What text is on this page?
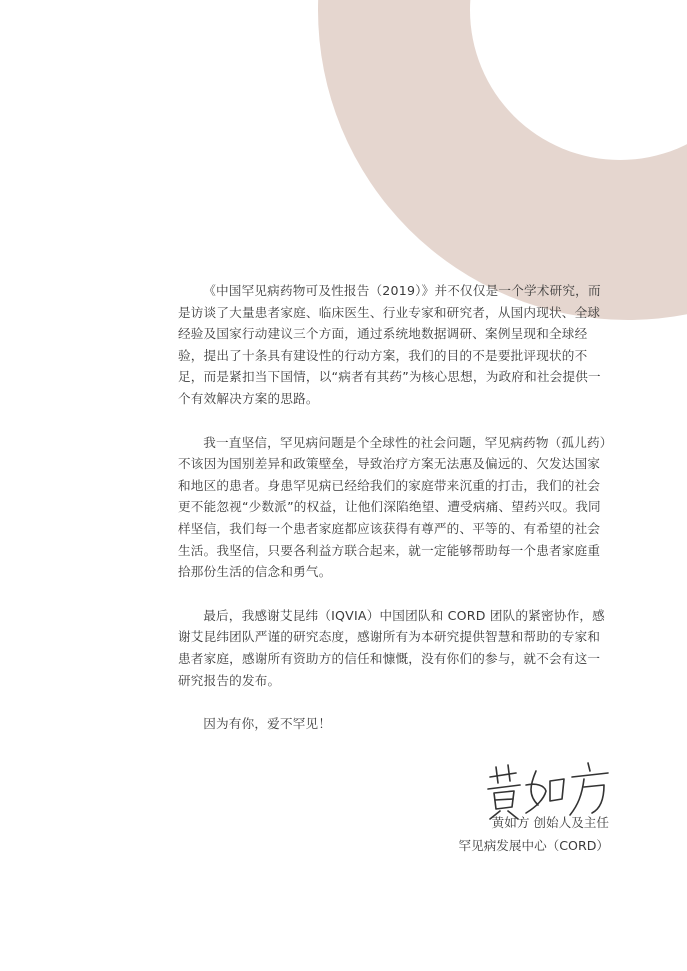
《中国罕见病药物可及性报告（2019）》并不仅仅是一个学术研究，而是访谈了大量患者家庭、临床医生、行业专家和研究者，从国内现状、全球经验及国家行动建议三个方面，通过系统地数据调研、案例呈现和全球经验，提出了十条具有建设性的行动方案，我们的目的不是要批评现状的不足，而是紧扣当下国情，以“病者有其药”为核心思想，为政府和社会提供一个有效解决方案的思路。

我一直坚信，罕见病问题是个全球性的社会问题，罕见病药物（孤儿药）不该因为国别差异和政策壁垒，导致治疗方案无法惠及偏远的、欠发达国家和地区的患者。身患罕见病已经给我们的家庭带来沉重的打击，我们的社会更不能忽视“少数派”的权益，让他们深陷绝望、遭受病痛、望药兴叹。我同样坚信，我们每一个患者家庭都应该获得有尊严的、平等的、有希望的社会生活。我坚信，只要各利益方联合起来，就一定能够帮助每一个患者家庭重拾那份生活的信念和勇气。

最后，我感谢艾昆纬（IQVIA）中国团队和 CORD 团队的紧密协作，感谢艾昆纬团队严谨的研究态度，感谢所有为本研究提供智慧和帮助的专家和患者家庭，感谢所有资助方的信任和慷慨，没有你们的参与，就不会有这一研究报告的发布。

因为有你，爱不罕见！

黄如方 创始人及主任
罕见病发展中心（CORD）
